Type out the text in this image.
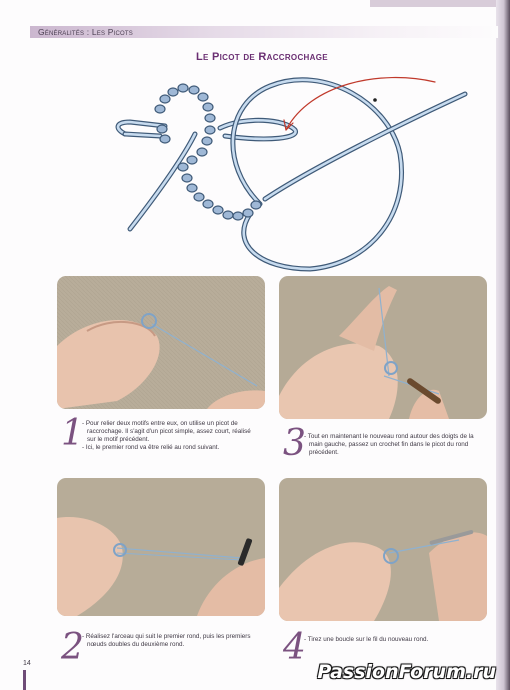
Généralités : Les Picots
Le Picot de Raccrochage
1

- Pour relier deux motifs entre eux, on utilise un picot de raccrochage. Il s'agit d'un picot simple, assez court, réalisé sur le motif précédent.

- Ici, le premier rond va être relié au rond suivant.	3

- Tout en maintenant le nouveau rond autour des doigts de la main gauche, passez un crochet fin dans le picot du rond précédent.

2

- Réalisez l'arceau qui suit le premier rond, puis les premiers nœuds doubles du deuxième rond.	4

- Tirez une boucle sur le fil du nouveau rond.

14	PassionForum.ru
